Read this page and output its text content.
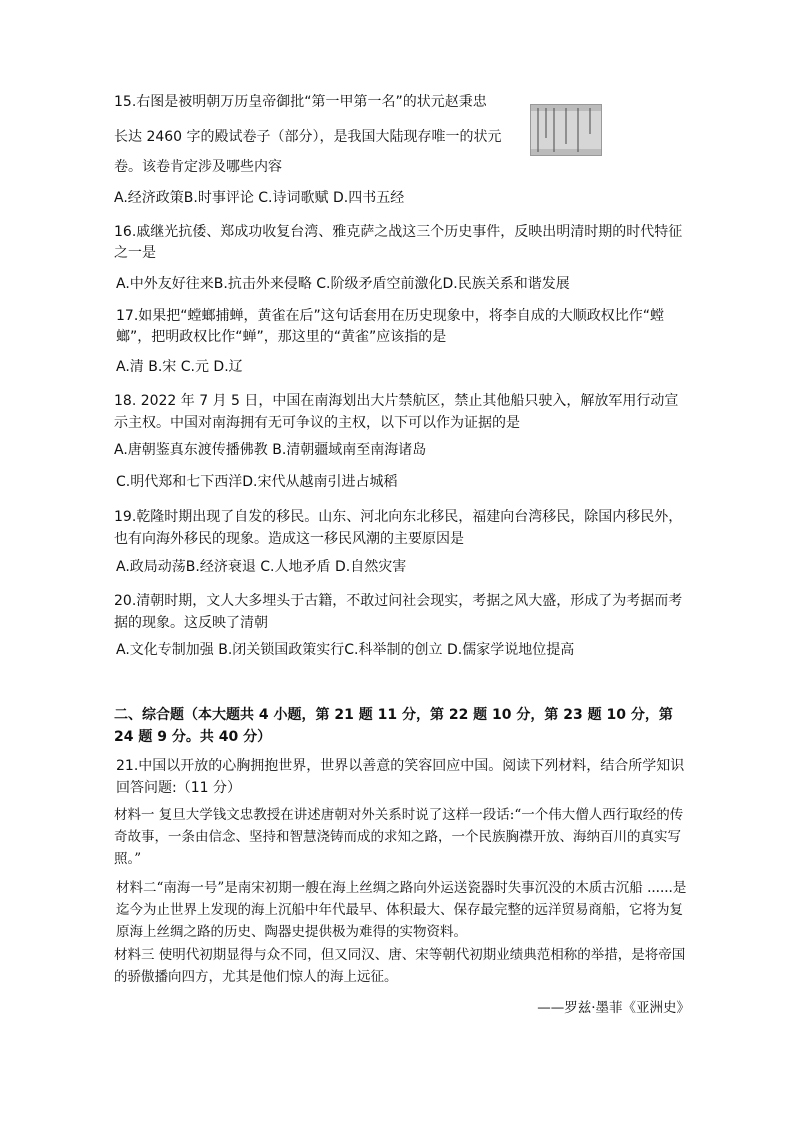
15.右图是被明朝万历皇帝御批“第一甲第一名”的状元赵秉忠
长达 2460 字的殿试卷子（部分），是我国大陆现存唯一的状元
卷。该卷肯定涉及哪些内容
A.经济政策B.时事评论 C.诗词歌赋 D.四书五经
16.戚继光抗倭、郑成功收复台湾、雅克萨之战这三个历史事件，反映出明清时期的时代特征之一是
A.中外友好往来B.抗击外来侵略 C.阶级矛盾空前激化D.民族关系和谐发展
17.如果把“螳螂捕蝉，黄雀在后”这句话套用在历史现象中，将李自成的大顺政权比作“螳螂”，把明政权比作“蝉”，那这里的“黄雀”应该指的是
A.清 B.宋 C.元 D.辽
18. 2022 年 7 月 5 日，中国在南海划出大片禁航区，禁止其他船只驶入，解放军用行动宣示主权。中国对南海拥有无可争议的主权，以下可以作为证据的是
A.唐朝鉴真东渡传播佛教 B.清朝疆域南至南海诸岛
C.明代郑和七下西洋D.宋代从越南引进占城稻
19.乾隆时期出现了自发的移民。山东、河北向东北移民，福建向台湾移民，除国内移民外，也有向海外移民的现象。造成这一移民风潮的主要原因是
A.政局动荡B.经济衰退 C.人地矛盾 D.自然灾害
20.清朝时期，文人大多埋头于古籍，不敢过问社会现实，考据之风大盛，形成了为考据而考据的现象。这反映了清朝
A.文化专制加强 B.闭关锁国政策实行C.科举制的创立 D.儒家学说地位提高
二、综合题（本大题共 4 小题，第 21 题 11 分，第 22 题 10 分，第 23 题 10 分，第 24 题 9 分。共 40 分）
21.中国以开放的心胸拥抱世界，世界以善意的笑容回应中国。阅读下列材料，结合所学知识回答问题:（11 分）
材料一 复旦大学钱文忠教授在讲述唐朝对外关系时说了这样一段话:“一个伟大僧人西行取经的传奇故事，一条由信念、坚持和智慧浇铸而成的求知之路，一个民族胸襟开放、海纳百川的真实写照。”
材料二“南海一号”是南宋初期一艘在海上丝绸之路向外运送瓷器时失事沉没的木质古沉船 ......是迄今为止世界上发现的海上沉船中年代最早、体积最大、保存最完整的远洋贸易商船，它将为复原海上丝绸之路的历史、陶器史提供极为难得的实物资料。
材料三 使明代初期显得与众不同，但又同汉、唐、宋等朝代初期业绩典范相称的举措，是将帝国的骄傲播向四方，尤其是他们惊人的海上远征。
——罗兹·墨菲《亚洲史》
